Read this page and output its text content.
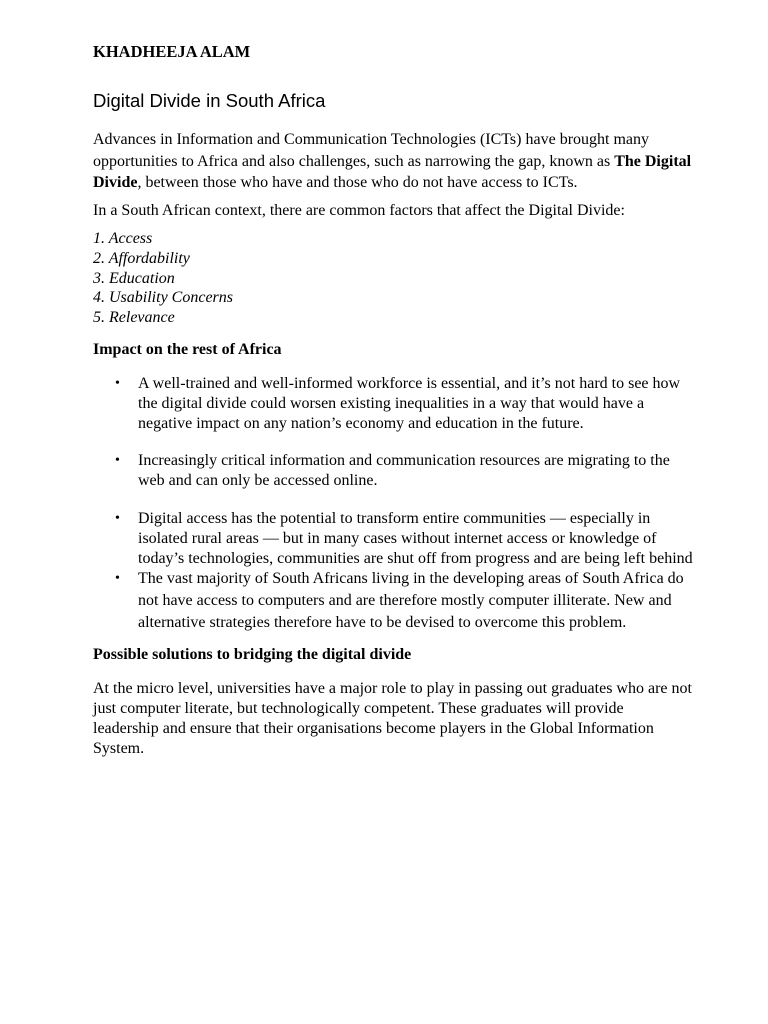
KHADHEEJA ALAM
Digital Divide in South Africa

Advances in Information and Communication Technologies (ICTs) have brought many opportunities to Africa and also challenges, such as narrowing the gap, known as The Digital Divide, between those who have and those who do not have access to ICTs.

In a South African context, there are common factors that affect the Digital Divide:

1. Access
2. Affordability
3. Education
4. Usability Concerns
5. Relevance
Impact on the rest of Africa
• A well-trained and well-informed workforce is essential, and it’s not hard to see how the digital divide could worsen existing inequalities in a way that would have a negative impact on any nation’s economy and education in the future.
• Increasingly critical information and communication resources are migrating to the web and can only be accessed online.
• Digital access has the potential to transform entire communities — especially in isolated rural areas — but in many cases without internet access or knowledge of today’s technologies, communities are shut off from progress and are being left behind
• The vast majority of South Africans living in the developing areas of South Africa do not have access to computers and are therefore mostly computer illiterate. New and alternative strategies therefore have to be devised to overcome this problem.
Possible solutions to bridging the digital divide

At the micro level, universities have a major role to play in passing out graduates who are not just computer literate, but technologically competent. These graduates will provide leadership and ensure that their organisations become players in the Global Information System.
